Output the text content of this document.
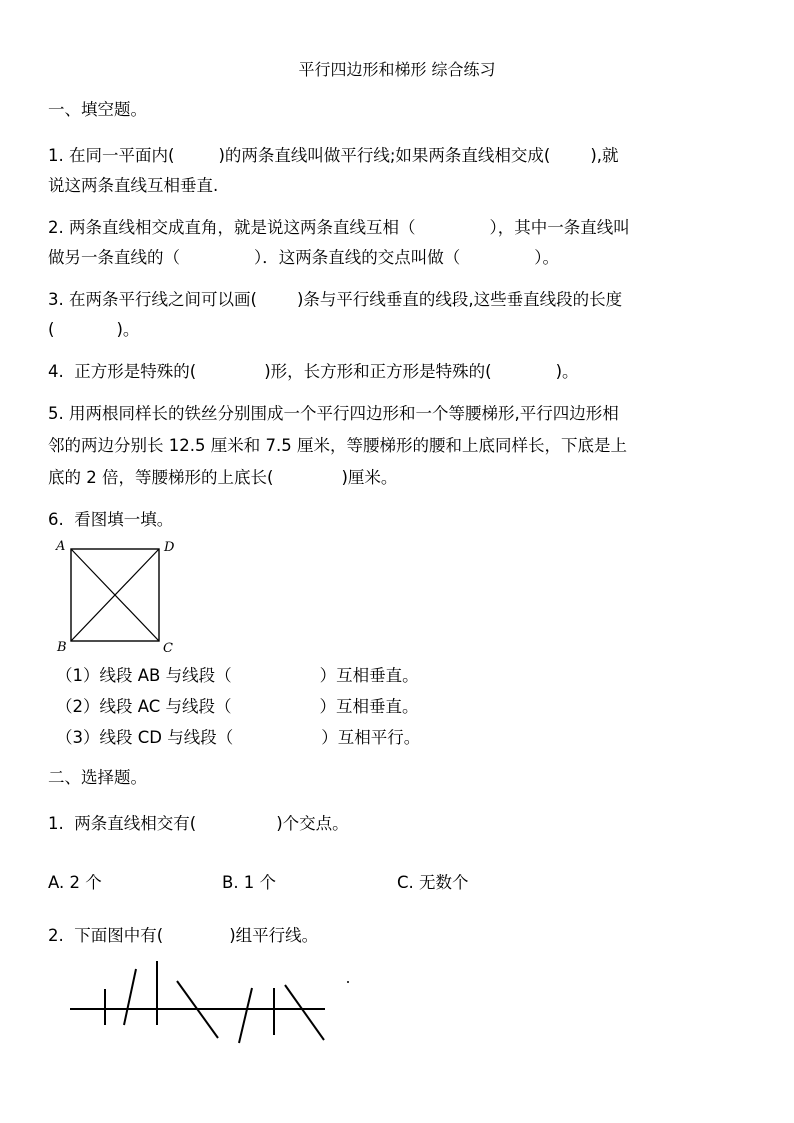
平行四边形和梯形 综合练习
一、填空题。
1. 在同一平面内(	)的两条直线叫做平行线;如果两条直线相交成( ),就
说这两条直线互相垂直.
2. 两条直线相交成直角，就是说这两条直线互相（	），其中一条直线叫
做另一条直线的（	）．这两条直线的交点叫做（	）。
3. 在两条平行线之间可以画( )条与平行线垂直的线段,这些垂直线段的长度
(	)。
4. 正方形是特殊的(	)形，长方形和正方形是特殊的(	)。
5. 用两根同样长的铁丝分别围成一个平行四边形和一个等腰梯形,平行四边形相
邻的两边分别长 12.5 厘米和 7.5 厘米，等腰梯形的腰和上底同样长，下底是上
底的 2 倍，等腰梯形的上底长(	)厘米。
6. 看图填一填。
A	D
B	C
（1）线段 AB 与线段（	）互相垂直。
（2）线段 AC 与线段（	）互相垂直。
（3）线段 CD 与线段（	）互相平行。
二、选择题。
1. 两条直线相交有(	)个交点。
A. 2 个	B. 1 个	C. 无数个
2. 下面图中有(	)组平行线。
